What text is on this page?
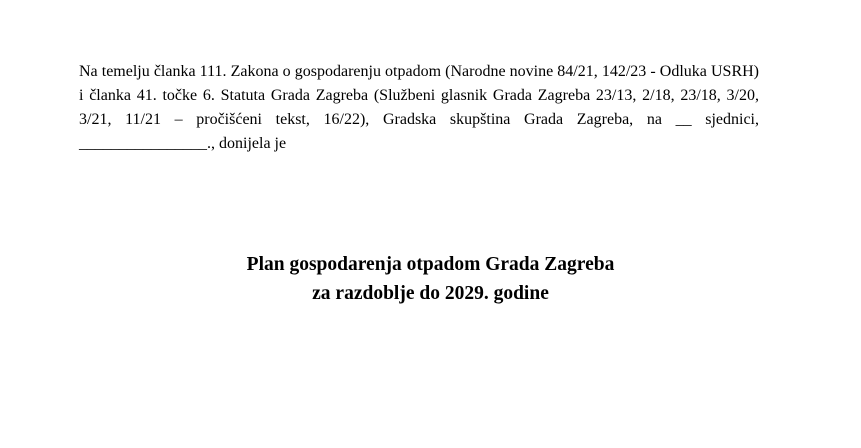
Na temelju članka 111. Zakona o gospodarenju otpadom (Narodne novine 84/21, 142/23 - Odluka USRH) i članka 41. točke 6. Statuta Grada Zagreba (Službeni glasnik Grada Zagreba 23/13, 2/18, 23/18, 3/20, 3/21, 11/21 – pročišćeni tekst, 16/22), Gradska skupština Grada Zagreba, na __ sjednici, ________________., donijela je

Plan gospodarenja otpadom Grada Zagreba
za razdoblje do 2029. godine
